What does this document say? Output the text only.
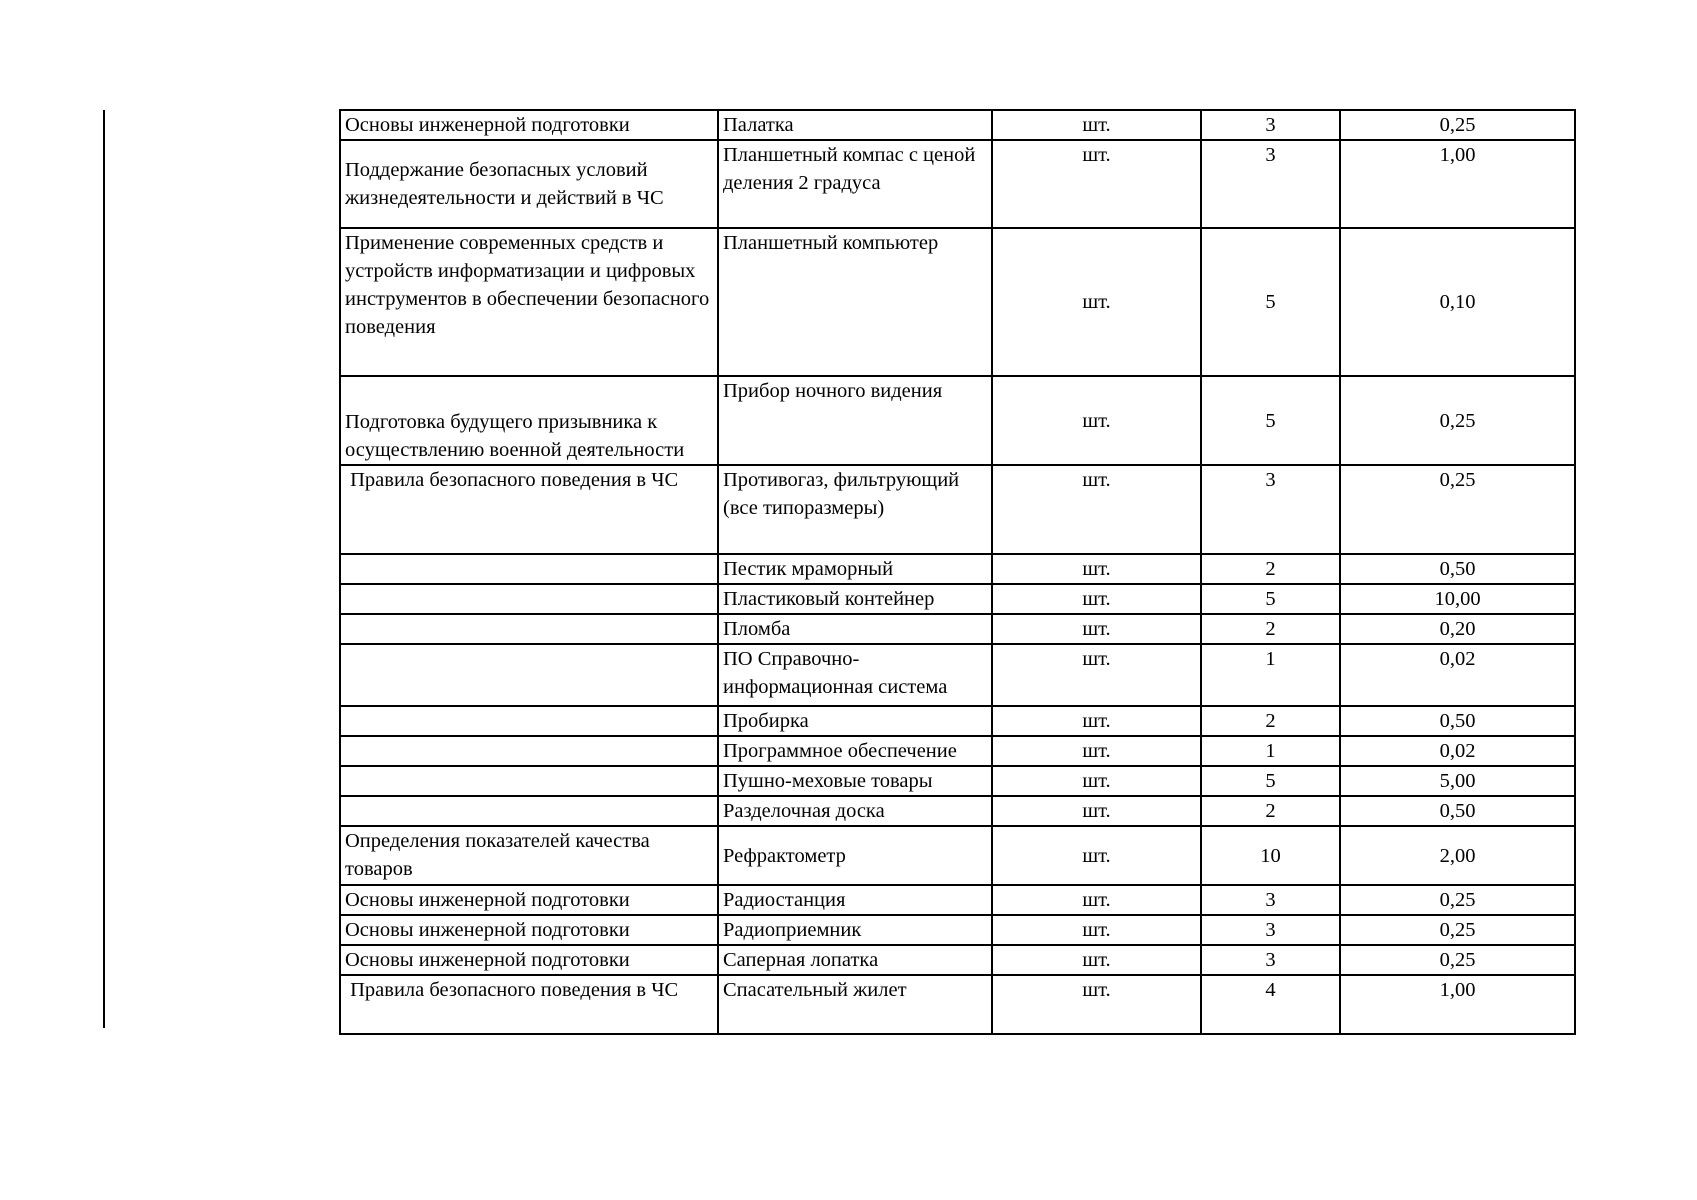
Основы инженерной подготовки	Палатка	шт.	3	0,25
Поддержание безопасных условий жизнедеятельности и действий в ЧС	Планшетный компас с ценой деления 2 градуса	шт.	3	1,00
Применение современных средств и устройств информатизации и цифровых инструментов в обеспечении безопасного поведения	Планшетный компьютер	шт.	5	0,10
Подготовка будущего призывника к осуществлению военной деятельности	Прибор ночного видения	шт.	5	0,25
Правила безопасного поведения в ЧС	Противогаз, фильтрующий (все типоразмеры)	шт.	3	0,25
	Пестик мраморный	шт.	2	0,50
	Пластиковый контейнер	шт.	5	10,00
	Пломба	шт.	2	0,20
	ПО Справочно-информационная система	шт.	1	0,02
	Пробирка	шт.	2	0,50
	Программное обеспечение	шт.	1	0,02
	Пушно-меховые товары	шт.	5	5,00
	Разделочная доска	шт.	2	0,50
Определения показателей качества товаров	Рефрактометр	шт.	10	2,00
Основы инженерной подготовки	Радиостанция	шт.	3	0,25
Основы инженерной подготовки	Радиоприемник	шт.	3	0,25
Основы инженерной подготовки	Саперная лопатка	шт.	3	0,25
Правила безопасного поведения в ЧС	Спасательный жилет	шт.	4	1,00
